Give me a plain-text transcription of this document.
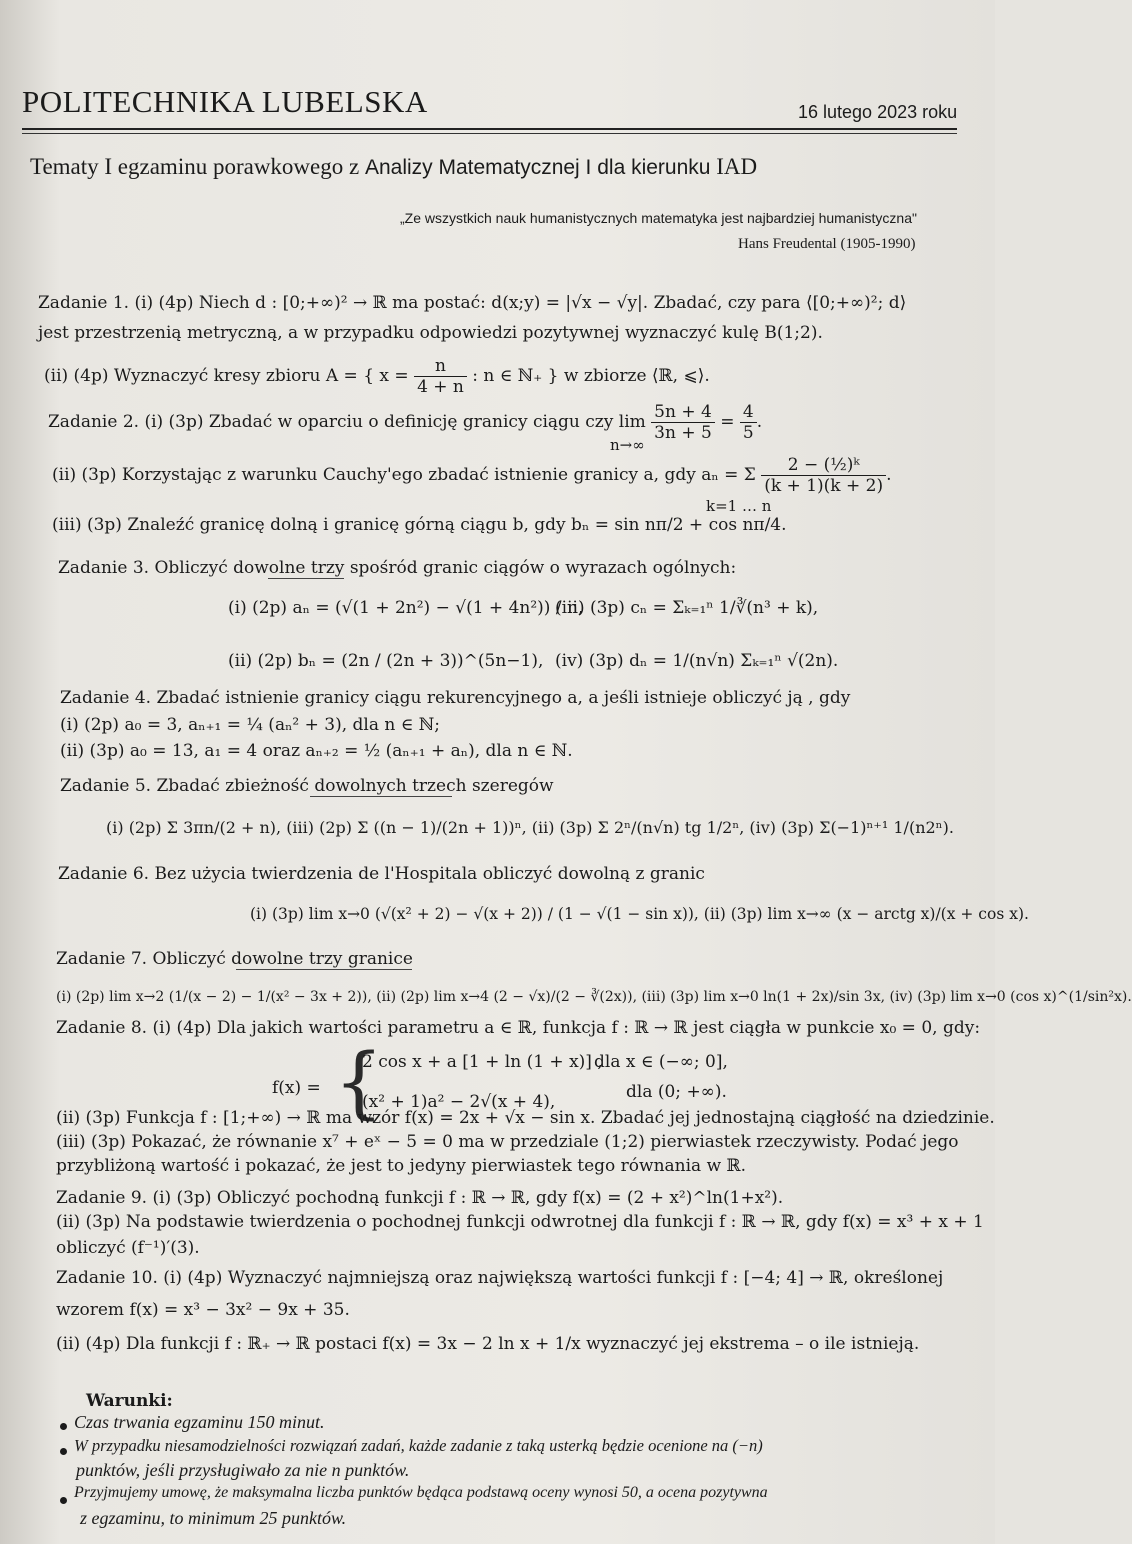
POLITECHNIKA LUBELSKA	16 lutego 2023 roku
Tematy I egzaminu porawkowego z Analizy Matematycznej I dla kierunku IAD
„Ze wszystkich nauk humanistycznych matematyka jest najbardziej humanistyczna"
Hans Freudental (1905-1990)
Zadanie 1. (i) (4p) Niech d : [0;+∞)² → ℝ ma postać: d(x;y) = |√x − √y|. Zbadać, czy para ⟨[0;+∞)²; d⟩
jest przestrzenią metryczną, a w przypadku odpowiedzi pozytywnej wyznaczyć kulę B(1;2).
(ii) (4p) Wyznaczyć kresy zbioru A = { $x = \frac{n}{4 + n}$ : n ∈ ℕ₊ } w zbiorze ⟨ℝ, ⩽⟩.
Zadanie 2. (i) (3p) Zbadać w oparciu o definicję granicy ciągu czy $\lim \frac{5n + 4}{3n + 5} = \frac{4}{5}$ .
n→∞
(ii) (3p) Korzystając z warunku Cauchy'ego zbadać istnienie granicy a, gdy aₙ = Σ $\frac{\text{2 − (½)ᵏ}}{(k + 1)(k + 2)}$ .
k=1 … n
(iii) (3p) Znaleźć granicę dolną i granicę górną ciągu b, gdy bₙ = sin nπ/2 + cos nπ/4.
Zadanie 3. Obliczyć dowolne trzy spośród granic ciągów o wyrazach ogólnych:
(i) (2p) aₙ = (√(1 + 2n²) − √(1 + 4n²)) / n,
(iii) (3p) cₙ = Σₖ₌₁ⁿ 1/∛(n³ + k),
(ii) (2p) bₙ = (2n / (2n + 3))^(5n−1), (iv) (3p) dₙ = 1/(n√n) Σₖ₌₁ⁿ √(2n).
Zadanie 4. Zbadać istnienie granicy ciągu rekurencyjnego a, a jeśli istnieje obliczyć ją , gdy
(i) (2p) a₀ = 3, aₙ₊₁ = ¼ (aₙ² + 3), dla n ∈ ℕ;
(ii) (3p) a₀ = 13, a₁ = 4 oraz aₙ₊₂ = ½ (aₙ₊₁ + aₙ), dla n ∈ ℕ.
Zadanie 5. Zbadać zbieżność dowolnych trzech szeregów
(i) (2p) Σ 3πn/(2 + n), (iii) (2p) Σ ((n − 1)/(2n + 1))ⁿ, (ii) (3p) Σ 2ⁿ/(n√n) tg 1/2ⁿ, (iv) (3p) Σ(−1)ⁿ⁺¹ 1/(n2ⁿ).
Zadanie 6. Bez użycia twierdzenia de l'Hospitala obliczyć dowolną z granic
(i) (3p) lim x→0 (√(x² + 2) − √(x + 2)) / (1 − √(1 − sin x)), (ii) (3p) lim x→∞ (x − arctg x)/(x + cos x).
Zadanie 7. Obliczyć dowolne trzy granice
(i) (2p) lim x→2 (1/(x − 2) − 1/(x² − 3x + 2)), (ii) (2p) lim x→4 (2 − √x)/(2 − ∛(2x)), (iii) (3p) lim x→0 ln(1 + 2x)/sin 3x, (iv) (3p) lim x→0 (cos x)^(1/sin²x).
Zadanie 8. (i) (4p) Dla jakich wartości parametru a ∈ ℝ, funkcja f : ℝ → ℝ jest ciągła w punkcie x₀ = 0, gdy:
f(x) = {
2 cos x + a [1 + ln (1 + x)] ,
dla x ∈ (−∞; 0],
(x² + 1)a² − 2√(x + 4),	dla (0; +∞).
(ii) (3p) Funkcja f : [1;+∞) → ℝ ma wzór f(x) = 2x + √x − sin x. Zbadać jej jednostajną ciągłość na dziedzinie.
(iii) (3p) Pokazać, że równanie x⁷ + eˣ − 5 = 0 ma w przedziale (1;2) pierwiastek rzeczywisty. Podać jego
przybliżoną wartość i pokazać, że jest to jedyny pierwiastek tego równania w ℝ.
Zadanie 9. (i) (3p) Obliczyć pochodną funkcji f : ℝ → ℝ, gdy f(x) = (2 + x²)^ln(1+x²).
(ii) (3p) Na podstawie twierdzenia o pochodnej funkcji odwrotnej dla funkcji f : ℝ → ℝ, gdy f(x) = x³ + x + 1
obliczyć (f⁻¹)′(3).
Zadanie 10. (i) (4p) Wyznaczyć najmniejszą oraz największą wartości funkcji f : [−4; 4] → ℝ, określonej
wzorem f(x) = x³ − 3x² − 9x + 35.
(ii) (4p) Dla funkcji f : ℝ₊ → ℝ postaci f(x) = 3x − 2 ln x + 1/x wyznaczyć jej ekstrema – o ile istnieją.
Warunki:
Czas trwania egzaminu 150 minut.
W przypadku niesamodzielności rozwiązań zadań, każde zadanie z taką usterką będzie ocenione na (−n)
punktów, jeśli przysługiwało za nie n punktów.
Przyjmujemy umowę, że maksymalna liczba punktów będąca podstawą oceny wynosi 50, a ocena pozytywna
z egzaminu, to minimum 25 punktów.
